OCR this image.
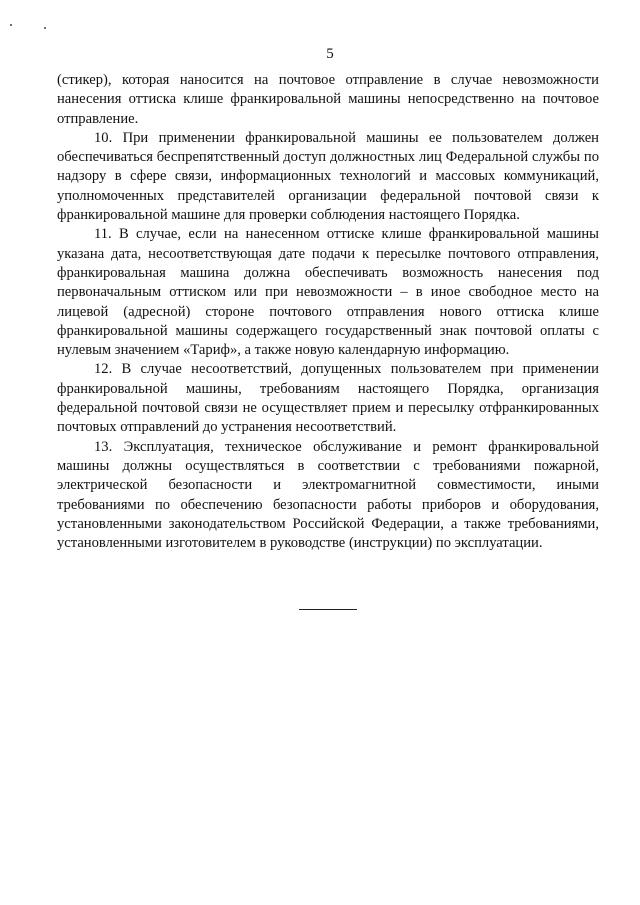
5

(стикер), которая наносится на почтовое отправление в случае невозможности нанесения оттиска клише франкировальной машины непосредственно на почтовое отправление.

10. При применении франкировальной машины ее пользователем должен обеспечиваться беспрепятственный доступ должностных лиц Федеральной службы по надзору в сфере связи, информационных технологий и массовых коммуникаций, уполномоченных представителей организации федеральной почтовой связи к франкировальной машине для проверки соблюдения настоящего Порядка.

11. В случае, если на нанесенном оттиске клише франкировальной машины указана дата, несоответствующая дате подачи к пересылке почтового отправления, франкировальная машина должна обеспечивать возможность нанесения под первоначальным оттиском или при невозможности – в иное свободное место на лицевой (адресной) стороне почтового отправления нового оттиска клише франкировальной машины содержащего государственный знак почтовой оплаты с нулевым значением «Тариф», а также новую календарную информацию.

12. В случае несоответствий, допущенных пользователем при применении франкировальной машины, требованиям настоящего Порядка, организация федеральной почтовой связи не осуществляет прием и пересылку отфранкированных почтовых отправлений до устранения несоответствий.

13. Эксплуатация, техническое обслуживание и ремонт франкировальной машины должны осуществляться в соответствии с требованиями пожарной, электрической безопасности и электромагнитной совместимости, иными требованиями по обеспечению безопасности работы приборов и оборудования, установленными законодательством Российской Федерации, а также требованиями, установленными изготовителем в руководстве (инструкции) по эксплуатации.
